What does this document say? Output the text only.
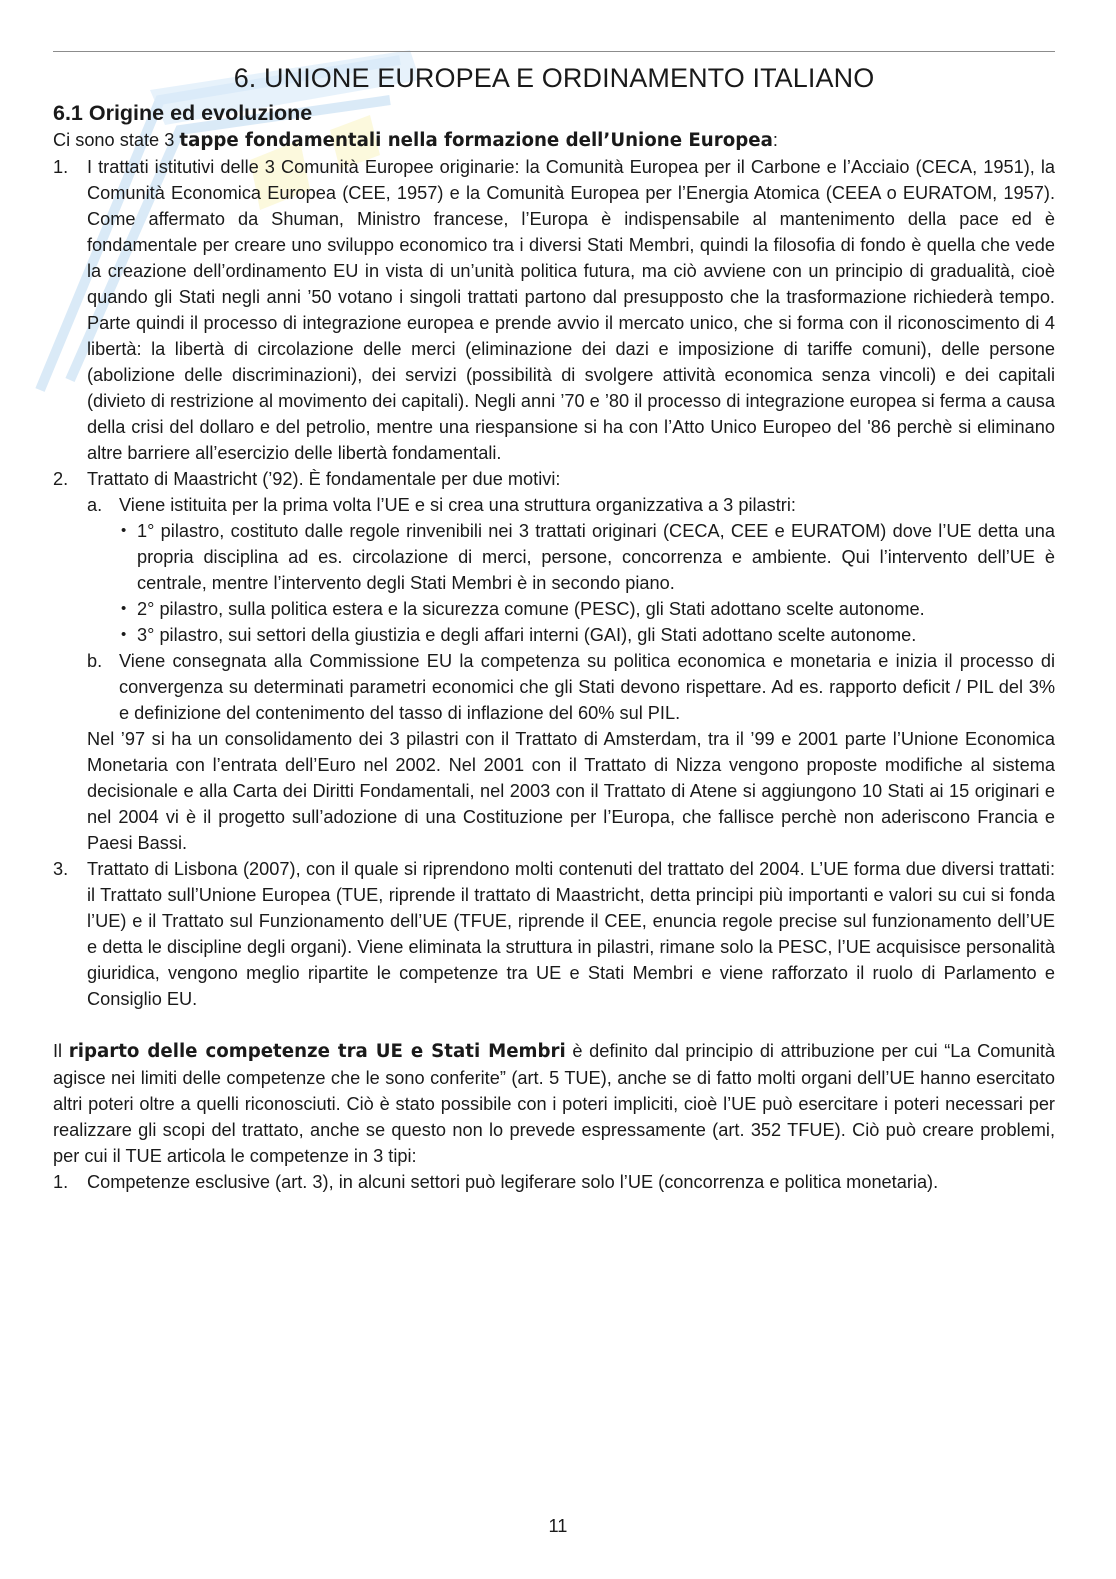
6. UNIONE EUROPEA E ORDINAMENTO ITALIANO
6.1 Origine ed evoluzione

Ci sono state 3 tappe fondamentali nella formazione dell’Unione Europea:

1. I trattati istitutivi delle 3 Comunità Europee originarie: la Comunità Europea per il Carbone e l’Acciaio (CECA, 1951), la Comunità Economica Europea (CEE, 1957) e la Comunità Europea per l’Energia Atomica (CEEA o EURATOM, 1957). Come affermato da Shuman, Ministro francese, l’Europa è indispensabile al mantenimento della pace ed è fondamentale per creare uno sviluppo economico tra i diversi Stati Membri, quindi la filosofia di fondo è quella che vede la creazione dell’ordinamento EU in vista di un’unità politica futura, ma ciò avviene con un principio di gradualità, cioè quando gli Stati negli anni ’50 votano i singoli trattati partono dal presupposto che la trasformazione richiederà tempo. Parte quindi il processo di integrazione europea e prende avvio il mercato unico, che si forma con il riconoscimento di 4 libertà: la libertà di circolazione delle merci (eliminazione dei dazi e imposizione di tariffe comuni), delle persone (abolizione delle discriminazioni), dei servizi (possibilità di svolgere attività economica senza vincoli) e dei capitali (divieto di restrizione al movimento dei capitali). Negli anni ’70 e ’80 il processo di integrazione europea si ferma a causa della crisi del dollaro e del petrolio, mentre una riespansione si ha con l’Atto Unico Europeo del '86 perchè si eliminano altre barriere all’esercizio delle libertà fondamentali.
2. Trattato di Maastricht (’92). È fondamentale per due motivi:
a. Viene istituita per la prima volta l’UE e si crea una struttura organizzativa a 3 pilastri:
• 1° pilastro, costituto dalle regole rinvenibili nei 3 trattati originari (CECA, CEE e EURATOM) dove l’UE detta una propria disciplina ad es. circolazione di merci, persone, concorrenza e ambiente. Qui l’intervento dell’UE è centrale, mentre l’intervento degli Stati Membri è in secondo piano.
• 2° pilastro, sulla politica estera e la sicurezza comune (PESC), gli Stati adottano scelte autonome.
• 3° pilastro, sui settori della giustizia e degli affari interni (GAI), gli Stati adottano scelte autonome.
b. Viene consegnata alla Commissione EU la competenza su politica economica e monetaria e inizia il processo di convergenza su determinati parametri economici che gli Stati devono rispettare. Ad es. rapporto deficit / PIL del 3% e definizione del contenimento del tasso di inflazione del 60% sul PIL.

Nel ’97 si ha un consolidamento dei 3 pilastri con il Trattato di Amsterdam, tra il ’99 e 2001 parte l’Unione Economica Monetaria con l’entrata dell’Euro nel 2002. Nel 2001 con il Trattato di Nizza vengono proposte modifiche al sistema decisionale e alla Carta dei Diritti Fondamentali, nel 2003 con il Trattato di Atene si aggiungono 10 Stati ai 15 originari e nel 2004 vi è il progetto sull’adozione di una Costituzione per l’Europa, che fallisce perchè non aderiscono Francia e Paesi Bassi.

3. Trattato di Lisbona (2007), con il quale si riprendono molti contenuti del trattato del 2004. L’UE forma due diversi trattati: il Trattato sull’Unione Europea (TUE, riprende il trattato di Maastricht, detta principi più importanti e valori su cui si fonda l’UE) e il Trattato sul Funzionamento dell’UE (TFUE, riprende il CEE, enuncia regole precise sul funzionamento dell’UE e detta le discipline degli organi). Viene eliminata la struttura in pilastri, rimane solo la PESC, l’UE acquisisce personalità giuridica, vengono meglio ripartite le competenze tra UE e Stati Membri e viene rafforzato il ruolo di Parlamento e Consiglio EU.

Il riparto delle competenze tra UE e Stati Membri è definito dal principio di attribuzione per cui “La Comunità agisce nei limiti delle competenze che le sono conferite” (art. 5 TUE), anche se di fatto molti organi dell’UE hanno esercitato altri poteri oltre a quelli riconosciuti. Ciò è stato possibile con i poteri impliciti, cioè l’UE può esercitare i poteri necessari per realizzare gli scopi del trattato, anche se questo non lo prevede espressamente (art. 352 TFUE). Ciò può creare problemi, per cui il TUE articola le competenze in 3 tipi:

1. Competenze esclusive (art. 3), in alcuni settori può legiferare solo l’UE (concorrenza e politica monetaria).
11
